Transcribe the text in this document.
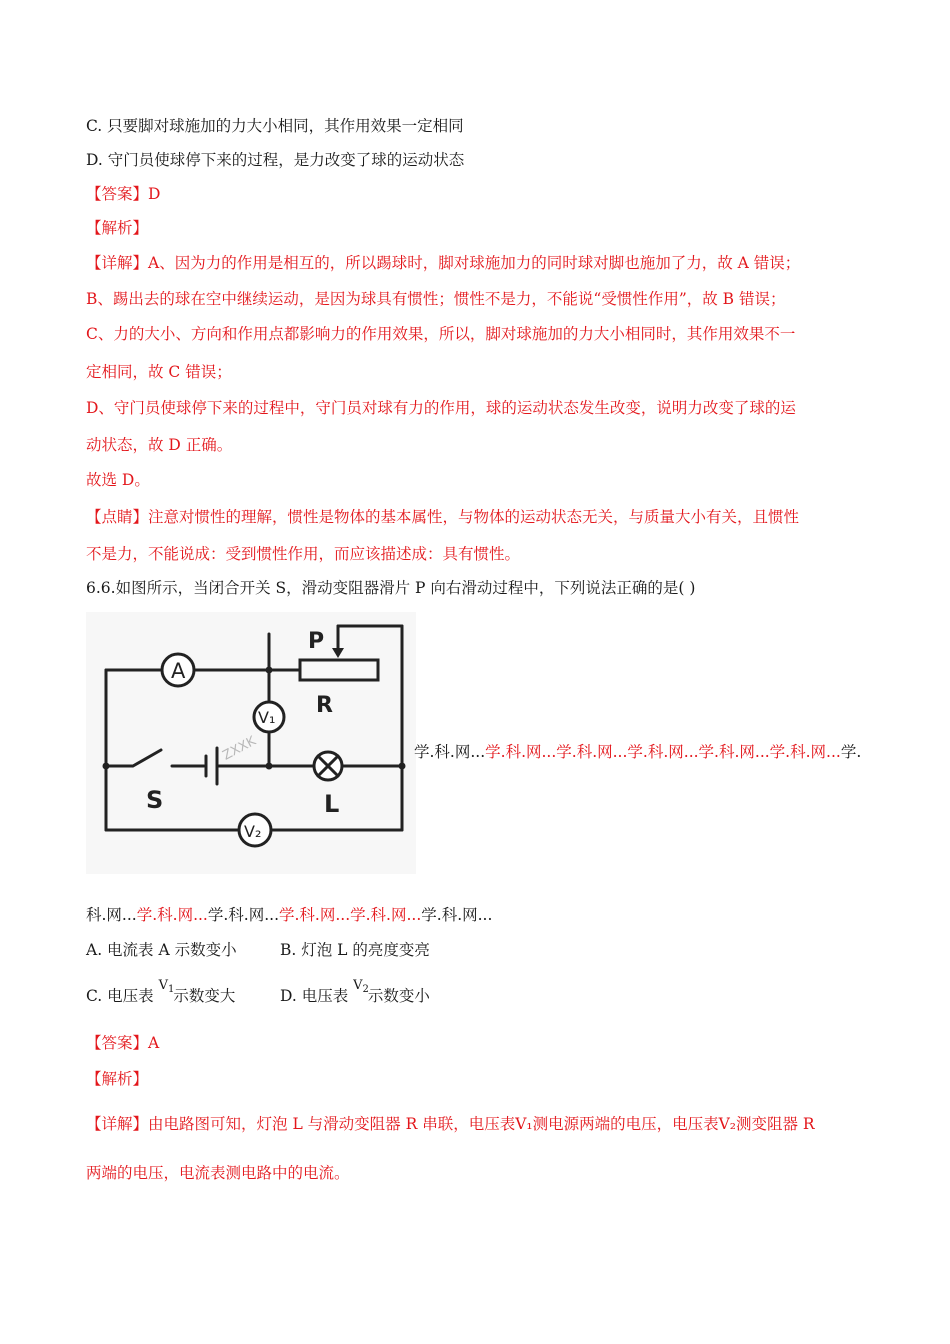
C. 只要脚对球施加的力大小相同，其作用效果一定相同
D. 守门员使球停下来的过程，是力改变了球的运动状态
【答案】D
【解析】
【详解】A、因为力的作用是相互的，所以踢球时，脚对球施加力的同时球对脚也施加了力，故 A 错误；
B、踢出去的球在空中继续运动，是因为球具有惯性；惯性不是力，不能说“受惯性作用”，故 B 错误；
C、力的大小、方向和作用点都影响力的作用效果，所以，脚对球施加的力大小相同时，其作用效果不一
定相同，故 C 错误；
D、守门员使球停下来的过程中，守门员对球有力的作用，球的运动状态发生改变，说明力改变了球的运
动状态，故 D 正确。
故选 D。
【点睛】注意对惯性的理解，惯性是物体的基本属性，与物体的运动状态无关，与质量大小有关，且惯性
不是力，不能说成：受到惯性作用，而应该描述成：具有惯性。
6.6.如图所示，当闭合开关 S，滑动变阻器滑片 P 向右滑动过程中，下列说法正确的是( )
A
P
R
V₁
S	L
V₂
ZXXK	学.科.网...学.科.网...学.科.网...学.科.网...学.科.网...学.科.网...学.
科.网...学.科.网...学.科.网...学.科.网...学.科.网...学.科.网...
A. 电流表 A 示数变小	B. 灯泡 L 的亮度变亮
C. 电压表 $^{V_1}$示数变大	D. 电压表 $^{V_2}$示数变小
【答案】A
【解析】
【详解】由电路图可知，灯泡 L 与滑动变阻器 R 串联，电压表V₁测电源两端的电压，电压表V₂测变阻器 R
两端的电压，电流表测电路中的电流。
